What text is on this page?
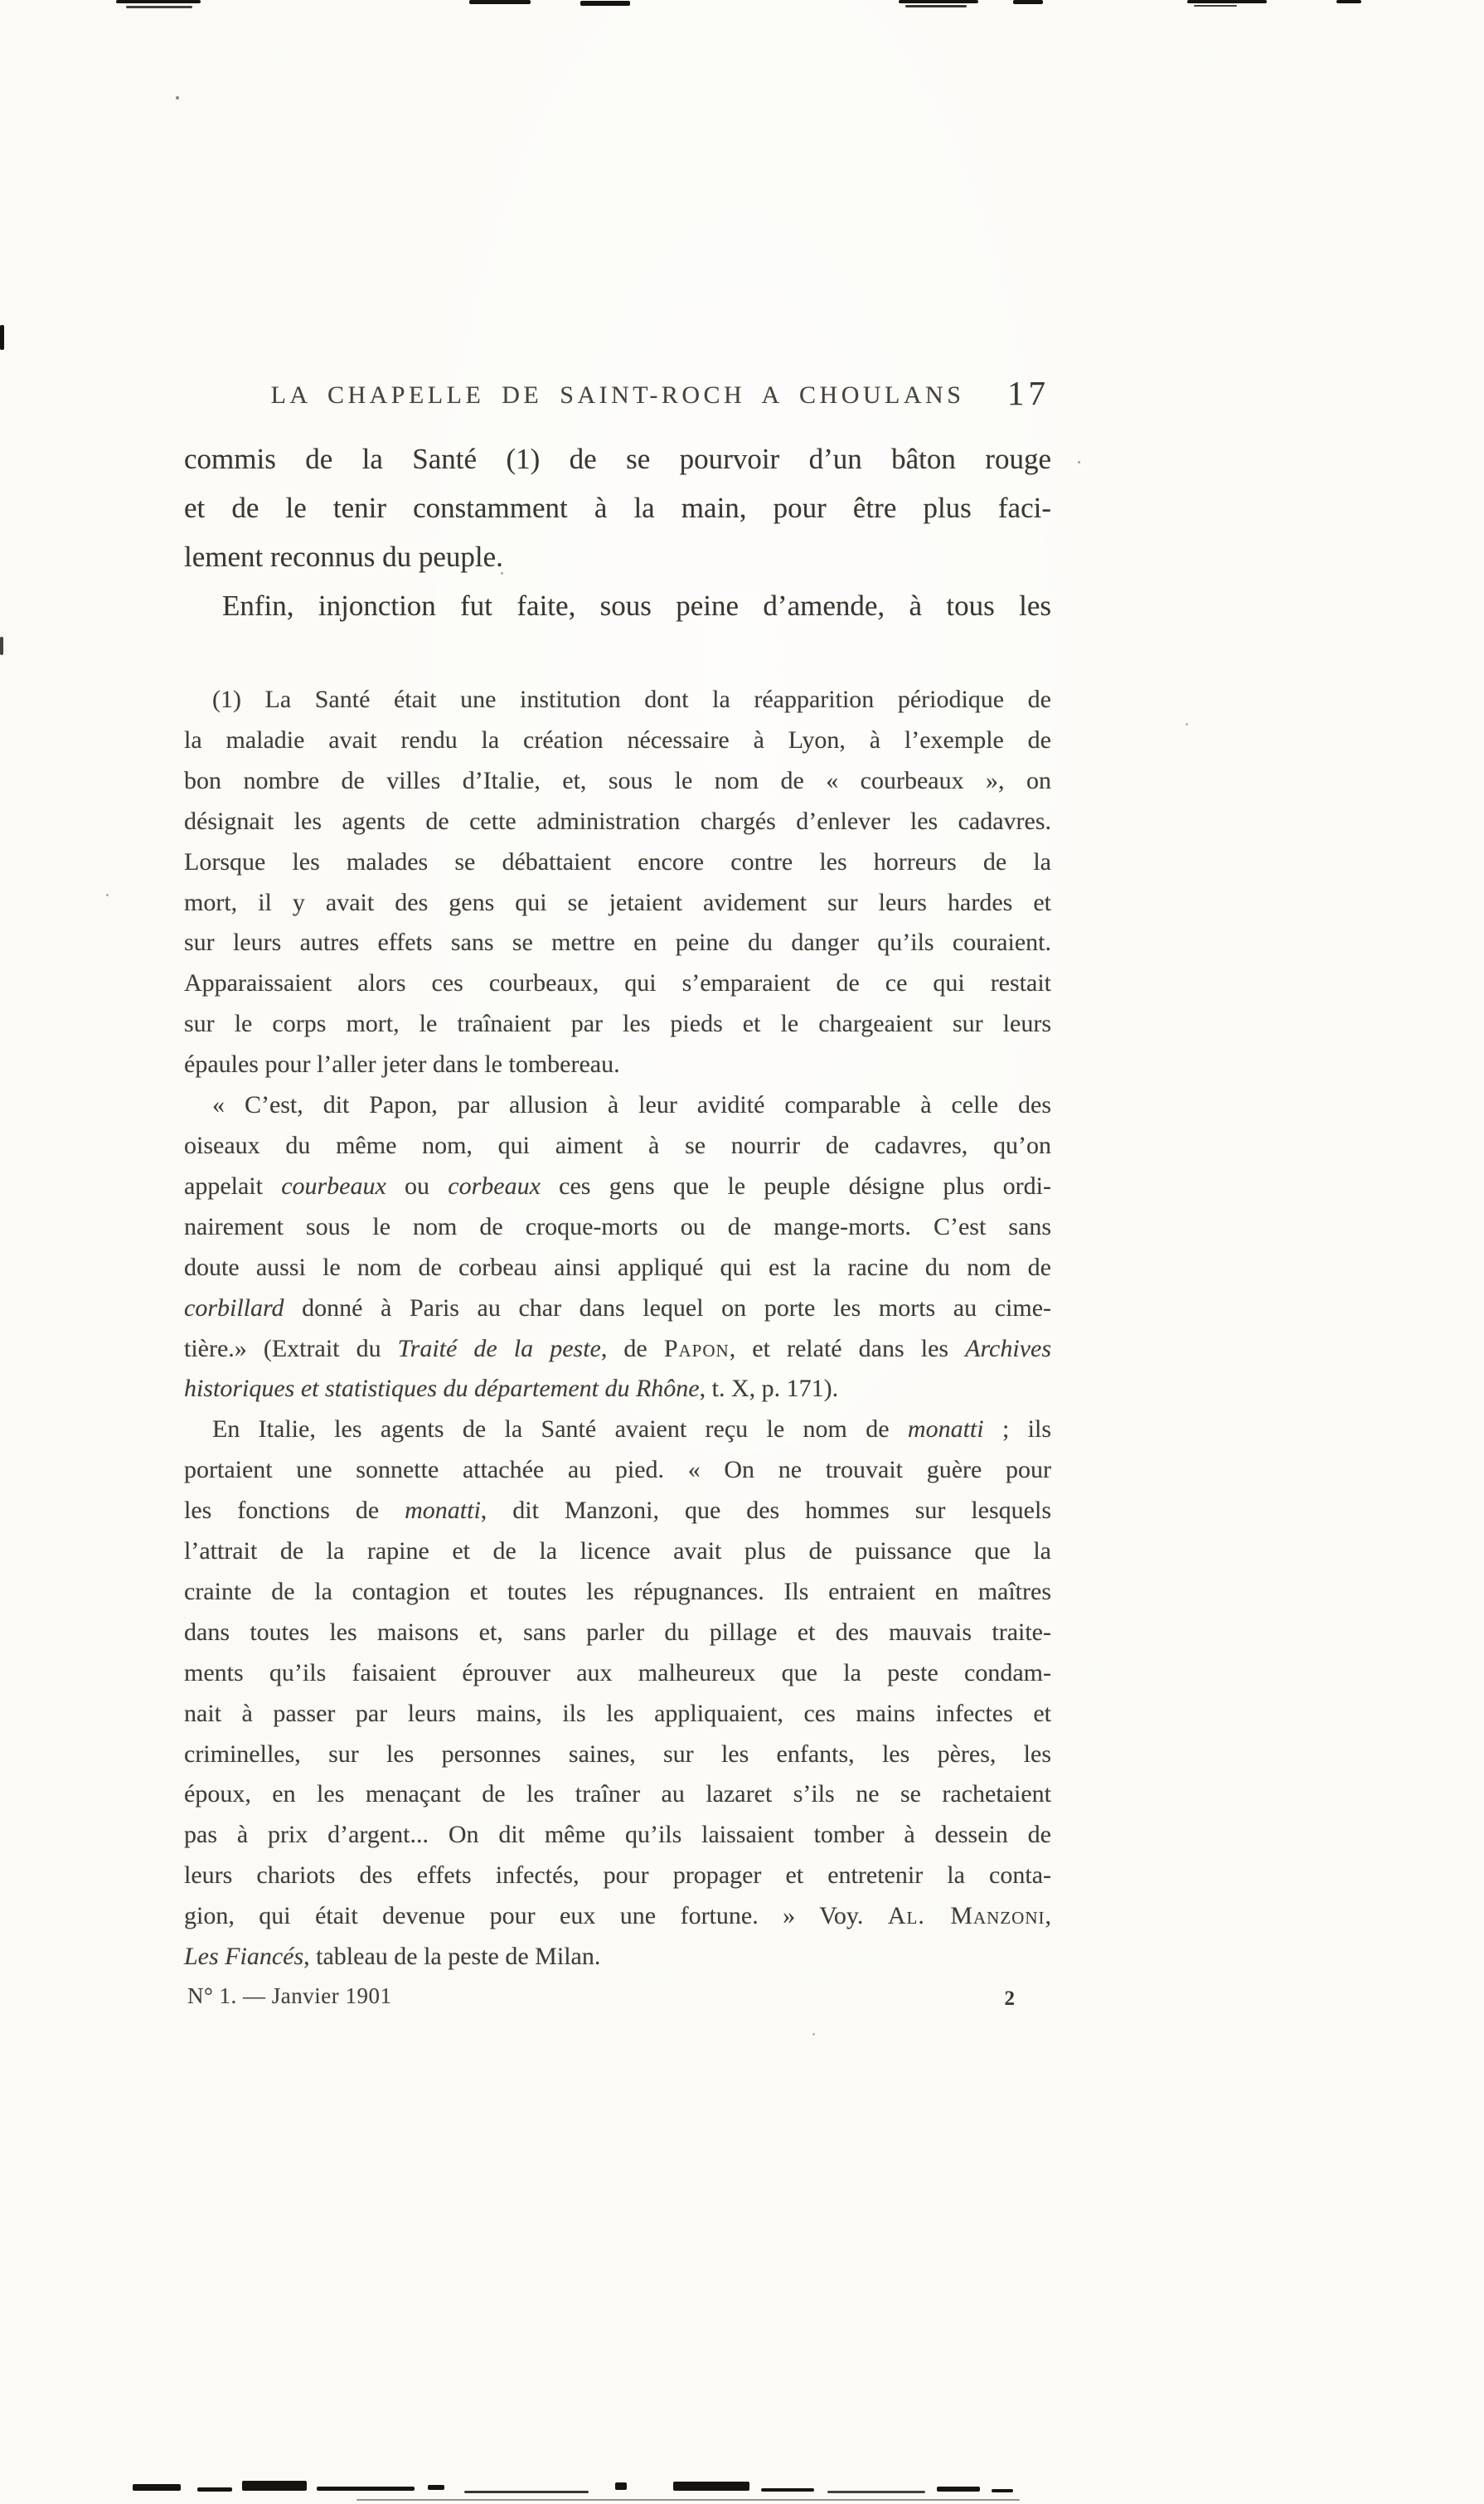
LA CHAPELLE DE SAINT-ROCH A CHOULANS	17
commis de la Santé (1) de se pourvoir d’un bâton rouge
et de le tenir constamment à la main, pour être plus faci-
lement reconnus du peuple.
Enfin, injonction fut faite, sous peine d’amende, à tous les
(1) La Santé était une institution dont la réapparition périodique de
la maladie avait rendu la création nécessaire à Lyon, à l’exemple de
bon nombre de villes d’Italie, et, sous le nom de « courbeaux », on
désignait les agents de cette administration chargés d’enlever les cadavres.
Lorsque les malades se débattaient encore contre les horreurs de la
mort, il y avait des gens qui se jetaient avidement sur leurs hardes et
sur leurs autres effets sans se mettre en peine du danger qu’ils couraient.
Apparaissaient alors ces courbeaux, qui s’emparaient de ce qui restait
sur le corps mort, le traînaient par les pieds et le chargeaient sur leurs
épaules pour l’aller jeter dans le tombereau.
« C’est, dit Papon, par allusion à leur avidité comparable à celle des
oiseaux du même nom, qui aiment à se nourrir de cadavres, qu’on
appelait courbeaux ou corbeaux ces gens que le peuple désigne plus ordi-
nairement sous le nom de croque-morts ou de mange-morts. C’est sans
doute aussi le nom de corbeau ainsi appliqué qui est la racine du nom de
corbillard donné à Paris au char dans lequel on porte les morts au cime-
tière.» (Extrait du Traité de la peste, de Papon, et relaté dans les Archives
historiques et statistiques du département du Rhône, t. X, p. 171).
En Italie, les agents de la Santé avaient reçu le nom de monatti ; ils
portaient une sonnette attachée au pied. « On ne trouvait guère pour
les fonctions de monatti, dit Manzoni, que des hommes sur lesquels
l’attrait de la rapine et de la licence avait plus de puissance que la
crainte de la contagion et toutes les répugnances. Ils entraient en maîtres
dans toutes les maisons et, sans parler du pillage et des mauvais traite-
ments qu’ils faisaient éprouver aux malheureux que la peste condam-
nait à passer par leurs mains, ils les appliquaient, ces mains infectes et
criminelles, sur les personnes saines, sur les enfants, les pères, les
époux, en les menaçant de les traîner au lazaret s’ils ne se rachetaient
pas à prix d’argent... On dit même qu’ils laissaient tomber à dessein de
leurs chariots des effets infectés, pour propager et entretenir la conta-
gion, qui était devenue pour eux une fortune. » Voy. Al. Manzoni,
Les Fiancés, tableau de la peste de Milan.
N° 1. — Janvier 1901	2
